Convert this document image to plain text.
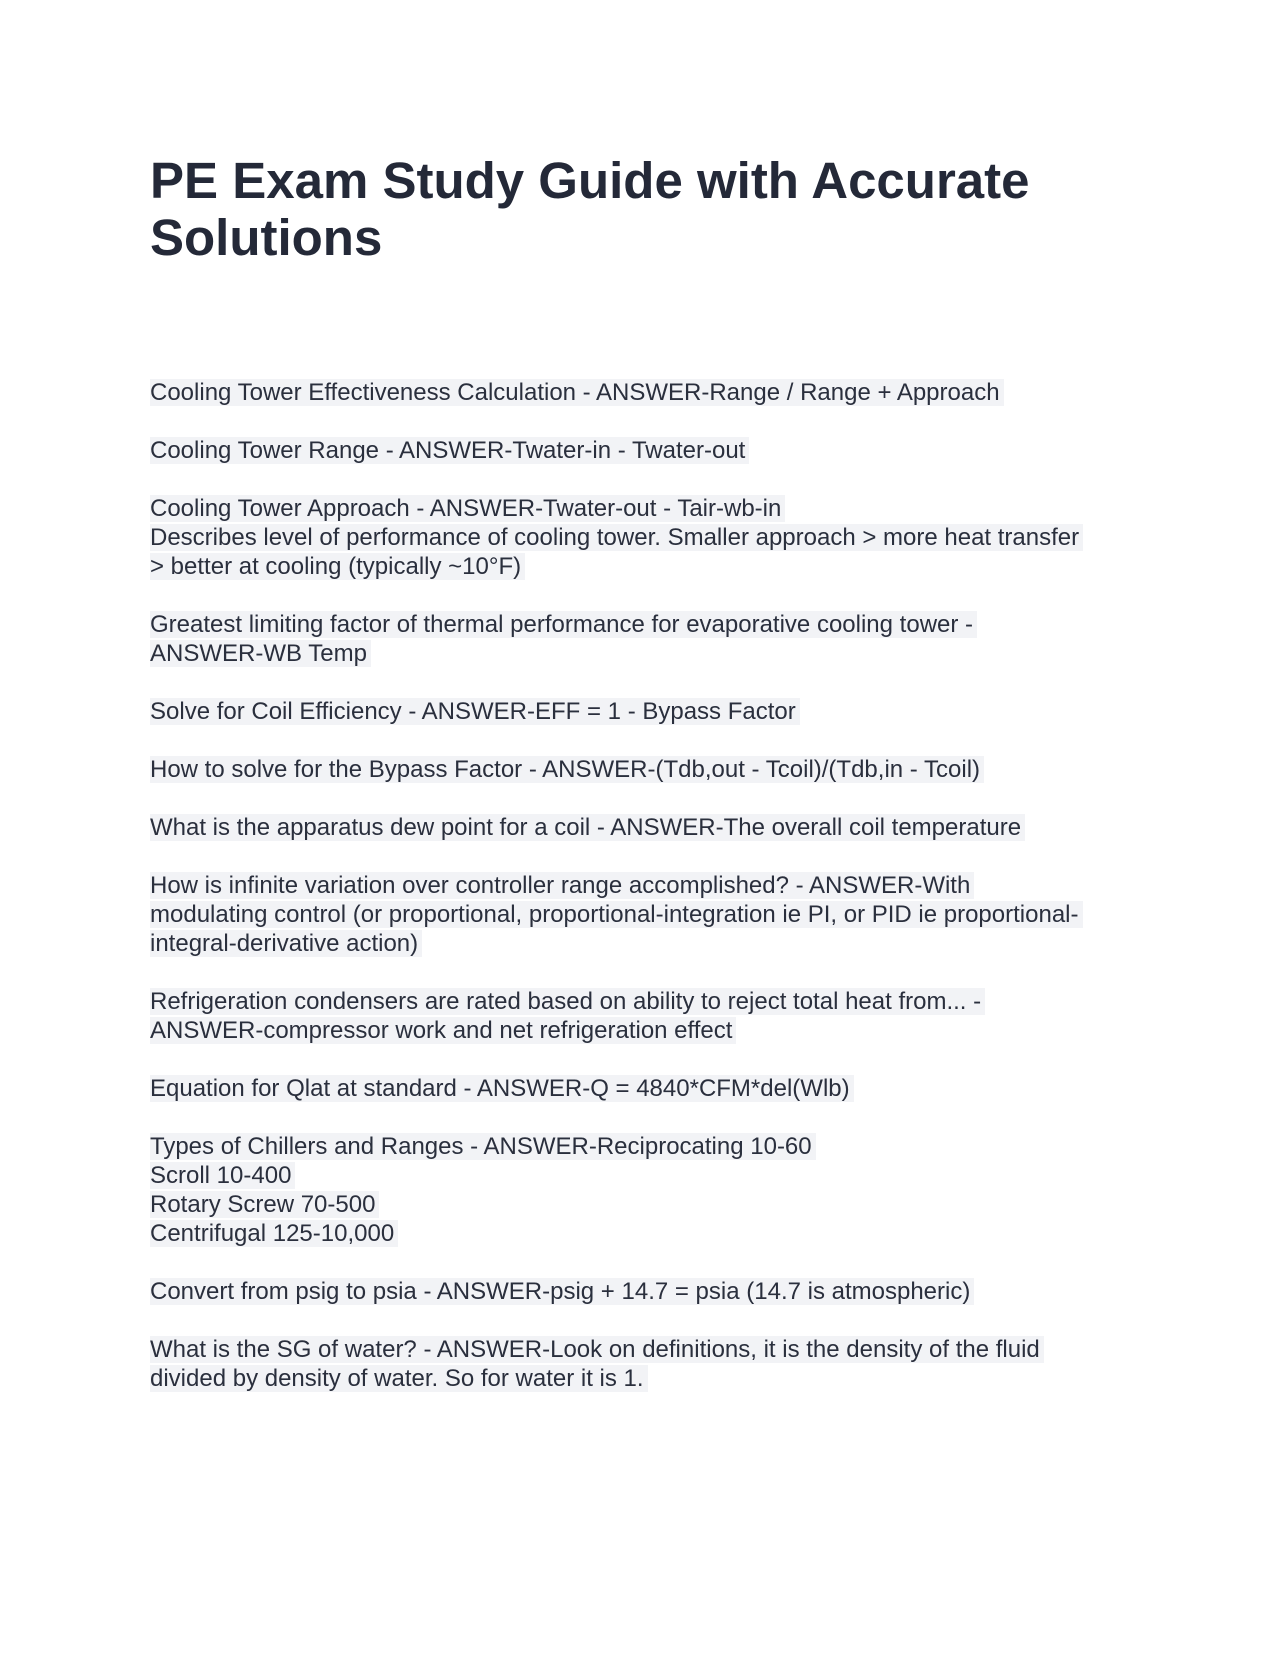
PE Exam Study Guide with Accurate
Solutions
Cooling Tower Effectiveness Calculation - ANSWER-Range / Range + Approach
Cooling Tower Range - ANSWER-Twater-in - Twater-out
Cooling Tower Approach - ANSWER-Twater-out - Tair-wb-in
Describes level of performance of cooling tower. Smaller approach > more heat transfer
> better at cooling (typically ~10°F)
Greatest limiting factor of thermal performance for evaporative cooling tower -
ANSWER-WB Temp
Solve for Coil Efficiency - ANSWER-EFF = 1 - Bypass Factor
How to solve for the Bypass Factor - ANSWER-(Tdb,out - Tcoil)/(Tdb,in - Tcoil)
What is the apparatus dew point for a coil - ANSWER-The overall coil temperature
How is infinite variation over controller range accomplished? - ANSWER-With
modulating control (or proportional, proportional-integration ie PI, or PID ie proportional-
integral-derivative action)
Refrigeration condensers are rated based on ability to reject total heat from... -
ANSWER-compressor work and net refrigeration effect
Equation for Qlat at standard - ANSWER-Q = 4840*CFM*del(Wlb)
Types of Chillers and Ranges - ANSWER-Reciprocating 10-60
Scroll 10-400
Rotary Screw 70-500
Centrifugal 125-10,000
Convert from psig to psia - ANSWER-psig + 14.7 = psia (14.7 is atmospheric)
What is the SG of water? - ANSWER-Look on definitions, it is the density of the fluid
divided by density of water. So for water it is 1.
